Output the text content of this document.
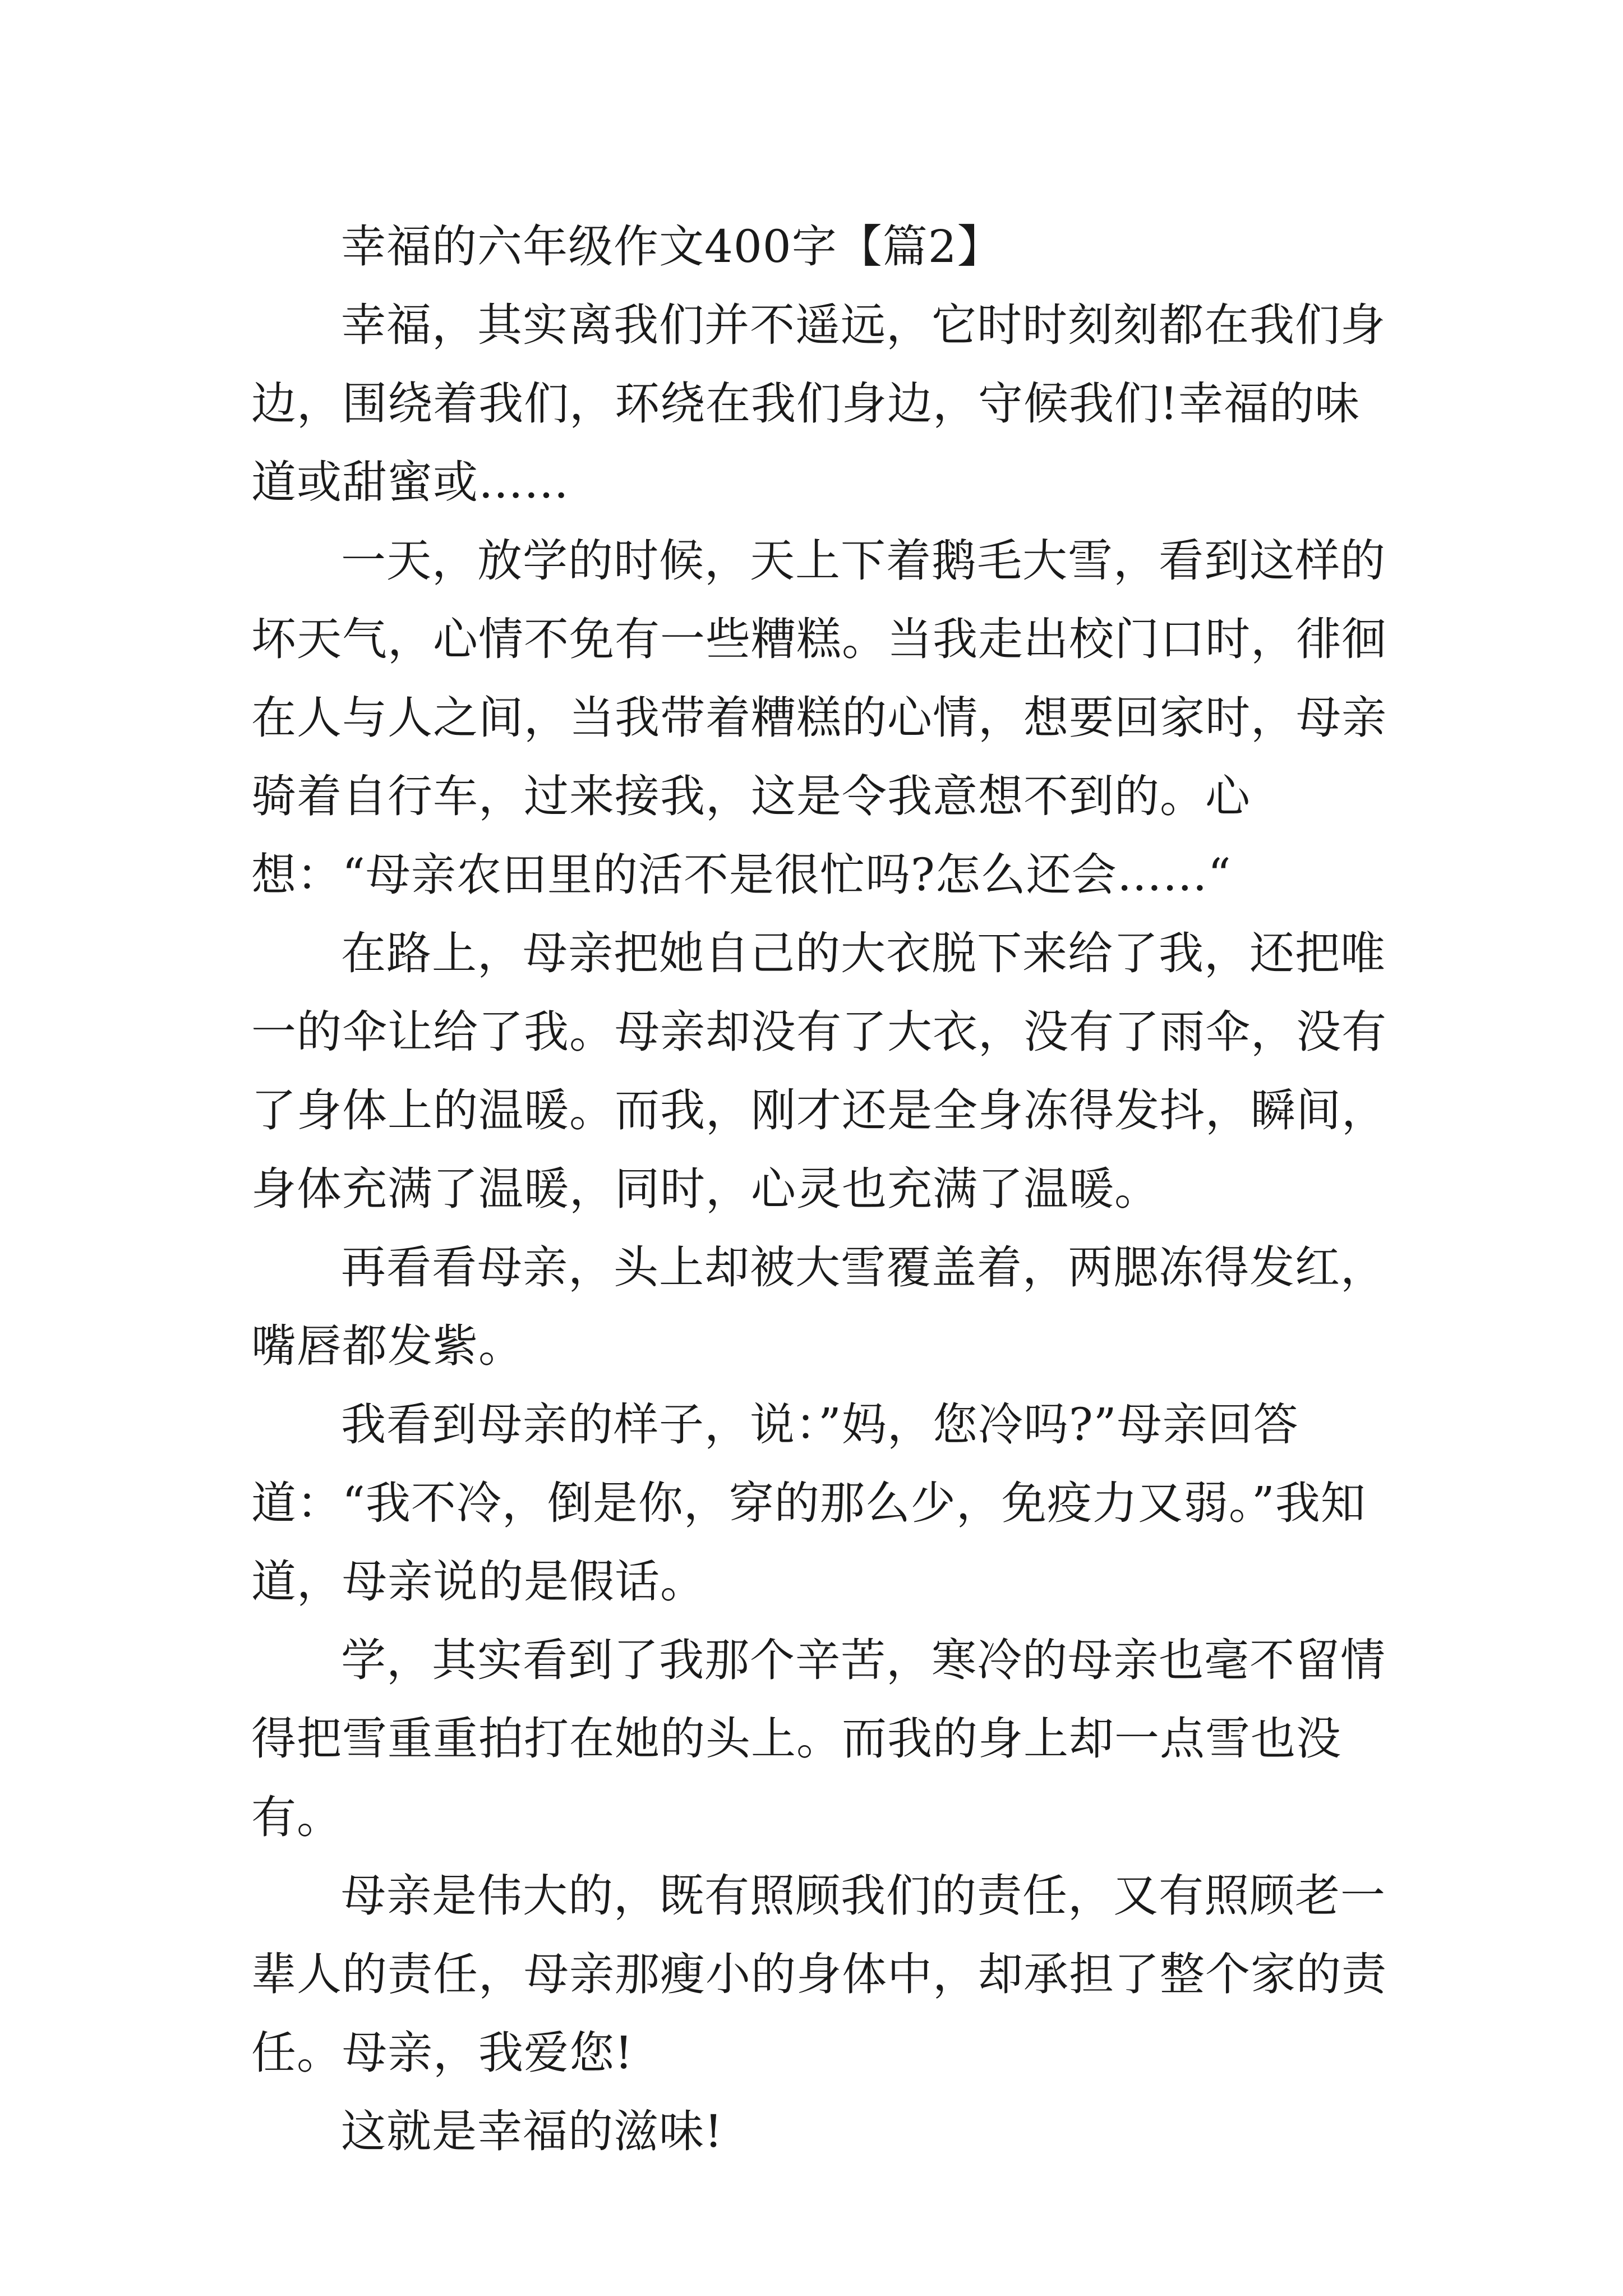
幸福的六年级作文400字【篇2】

幸福，其实离我们并不遥远，它时时刻刻都在我们身边，围绕着我们，环绕在我们身边，守候我们!幸福的味道或甜蜜或……

一天，放学的时候，天上下着鹅毛大雪，看到这样的坏天气，心情不免有一些糟糕。当我走出校门口时，徘徊在人与人之间，当我带着糟糕的心情，想要回家时，母亲骑着自行车，过来接我，这是令我意想不到的。心想：“母亲农田里的活不是很忙吗?怎么还会……“

在路上，母亲把她自己的大衣脱下来给了我，还把唯一的伞让给了我。母亲却没有了大衣，没有了雨伞，没有了身体上的温暖。而我，刚才还是全身冻得发抖，瞬间，身体充满了温暖，同时，心灵也充满了温暖。

再看看母亲，头上却被大雪覆盖着，两腮冻得发红，嘴唇都发紫。

我看到母亲的样子，说：”妈，您冷吗?”母亲回答道：“我不冷，倒是你，穿的那么少，免疫力又弱。”我知道，母亲说的是假话。

学，其实看到了我那个辛苦，寒冷的母亲也毫不留情得把雪重重拍打在她的头上。而我的身上却一点雪也没有。

母亲是伟大的，既有照顾我们的责任，又有照顾老一辈人的责任，母亲那瘦小的身体中，却承担了整个家的责任。母亲，我爱您!

这就是幸福的滋味!
